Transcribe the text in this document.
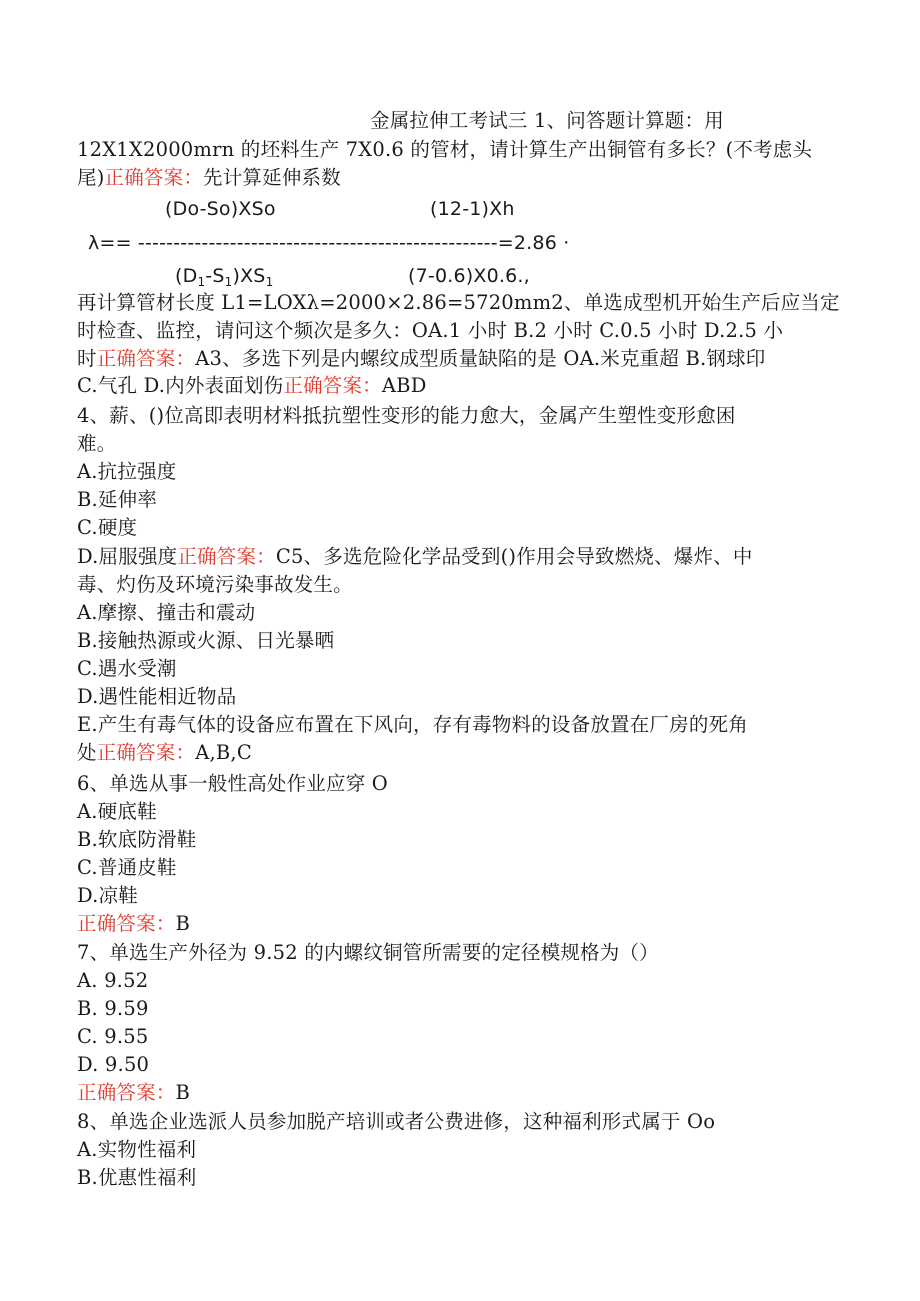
金属拉伸工考试三 1、问答题计算题：用
12X1X2000mrn 的坯料生产 7X0.6 的管材，请计算生产出铜管有多长？(不考虑头
尾)正确答案：先计算延伸系数
(Do-So)XSo	(12-1)Xh
λ== ---------------------------------------------------=2.86 ·
$(D_1-S_1)XS_1$	(7-0.6)X0.6.,
再计算管材长度 L1=LOXλ=2000×2.86=5720mm2、单选成型机开始生产后应当定
时检查、监控，请问这个频次是多久：OA.1 小时 B.2 小时 C.0.5 小时 D.2.5 小
时正确答案：A3、多选下列是内螺纹成型质量缺陷的是 OA.米克重超 B.钢球印
C.气孔 D.内外表面划伤正确答案：ABD
4、薪、()位高即表明材料抵抗塑性变形的能力愈大，金属产生塑性变形愈困
难。
A.抗拉强度
B.延伸率
C.硬度
D.屈服强度正确答案：C5、多选危险化学品受到()作用会导致燃烧、爆炸、中
毒、灼伤及环境污染事故发生。
A.摩擦、撞击和震动
B.接触热源或火源、日光暴晒
C.遇水受潮
D.遇性能相近物品
E.产生有毒气体的设备应布置在下风向，存有毒物料的设备放置在厂房的死角
处正确答案：A,B,C
6、单选从事一般性高处作业应穿 O
A.硬底鞋
B.软底防滑鞋
C.普通皮鞋
D.凉鞋
正确答案：B
7、单选生产外径为 9.52 的内螺纹铜管所需要的定径模规格为（）
A. 9.52
B. 9.59
C. 9.55
D. 9.50
正确答案：B
8、单选企业选派人员参加脱产培训或者公费进修，这种福利形式属于 Oo
A.实物性福利
B.优惠性福利
